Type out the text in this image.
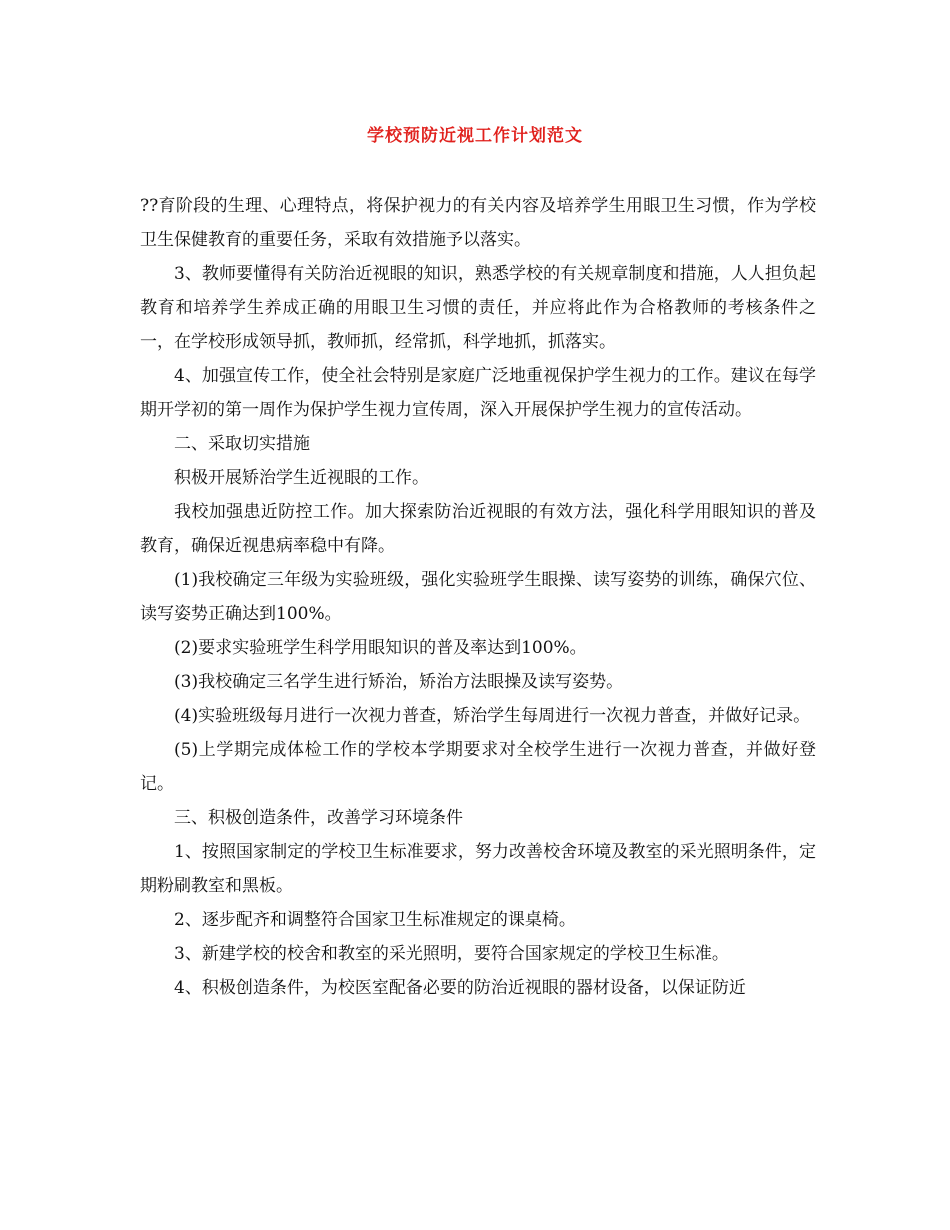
学校预防近视工作计划范文

??育阶段的生理、心理特点，将保护视力的有关内容及培养学生用眼卫生习惯，作为学校卫生保健教育的重要任务，采取有效措施予以落实。

3、教师要懂得有关防治近视眼的知识，熟悉学校的有关规章制度和措施，人人担负起教育和培养学生养成正确的用眼卫生习惯的责任，并应将此作为合格教师的考核条件之一，在学校形成领导抓，教师抓，经常抓，科学地抓，抓落实。

4、加强宣传工作，使全社会特别是家庭广泛地重视保护学生视力的工作。建议在每学期开学初的第一周作为保护学生视力宣传周，深入开展保护学生视力的宣传活动。

二、采取切实措施

积极开展矫治学生近视眼的工作。

我校加强患近防控工作。加大探索防治近视眼的有效方法，强化科学用眼知识的普及教育，确保近视患病率稳中有降。

(1)我校确定三年级为实验班级，强化实验班学生眼操、读写姿势的训练，确保穴位、读写姿势正确达到100%。

(2)要求实验班学生科学用眼知识的普及率达到100%。

(3)我校确定三名学生进行矫治，矫治方法眼操及读写姿势。

(4)实验班级每月进行一次视力普查，矫治学生每周进行一次视力普查，并做好记录。

(5)上学期完成体检工作的学校本学期要求对全校学生进行一次视力普查，并做好登记。

三、积极创造条件，改善学习环境条件

1、按照国家制定的学校卫生标准要求，努力改善校舍环境及教室的采光照明条件，定期粉刷教室和黑板。

2、逐步配齐和调整符合国家卫生标准规定的课桌椅。

3、新建学校的校舍和教室的采光照明，要符合国家规定的学校卫生标准。

4、积极创造条件，为校医室配备必要的防治近视眼的器材设备，以保证防近
